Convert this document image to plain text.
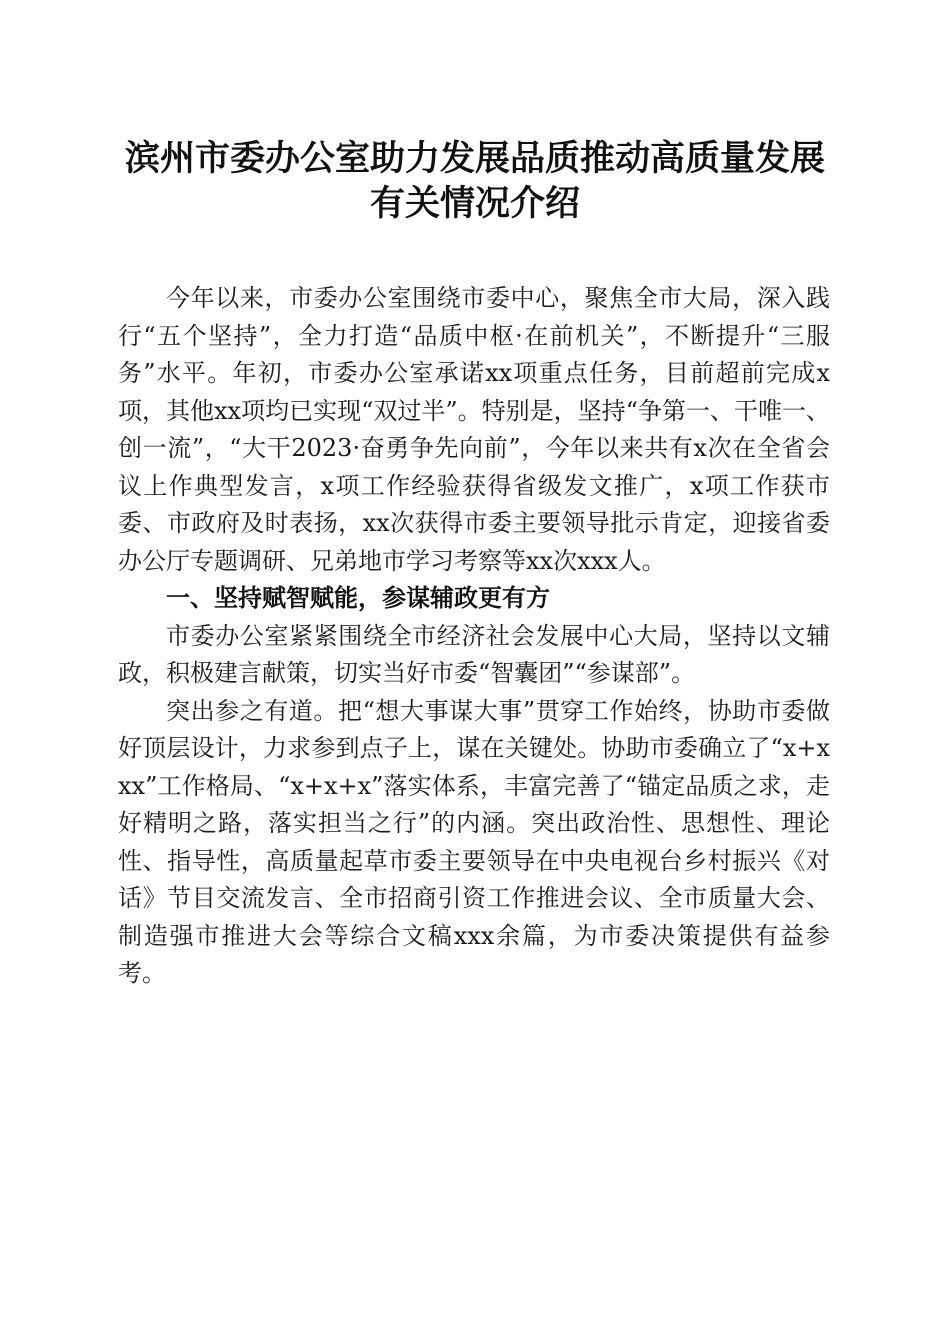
滨州市委办公室助力发展品质推动高质量发展
有关情况介绍

今年以来，市委办公室围绕市委中心，聚焦全市大局，深入践行“五个坚持”，全力打造“品质中枢·在前机关”，不断提升“三服务”水平。年初，市委办公室承诺xx项重点任务，目前超前完成x项，其他xx项均已实现“双过半”。特别是，坚持“争第一、干唯一、创一流”，“大干2023·奋勇争先向前”，今年以来共有x次在全省会议上作典型发言，x项工作经验获得省级发文推广，x项工作获市委、市政府及时表扬，xx次获得市委主要领导批示肯定，迎接省委办公厅专题调研、兄弟地市学习考察等xx次xxx人。

一、坚持赋智赋能，参谋辅政更有方

市委办公室紧紧围绕全市经济社会发展中心大局，坚持以文辅政，积极建言献策，切实当好市委“智囊团”“参谋部”。

突出参之有道。把“想大事谋大事”贯穿工作始终，协助市委做好顶层设计，力求参到点子上，谋在关键处。协助市委确立了“x+xxx”工作格局、“x+x+x”落实体系，丰富完善了“锚定品质之求，走好精明之路，落实担当之行”的内涵。突出政治性、思想性、理论性、指导性，高质量起草市委主要领导在中央电视台乡村振兴《对话》节目交流发言、全市招商引资工作推进会议、全市质量大会、制造强市推进大会等综合文稿xxx余篇，为市委决策提供有益参考。
